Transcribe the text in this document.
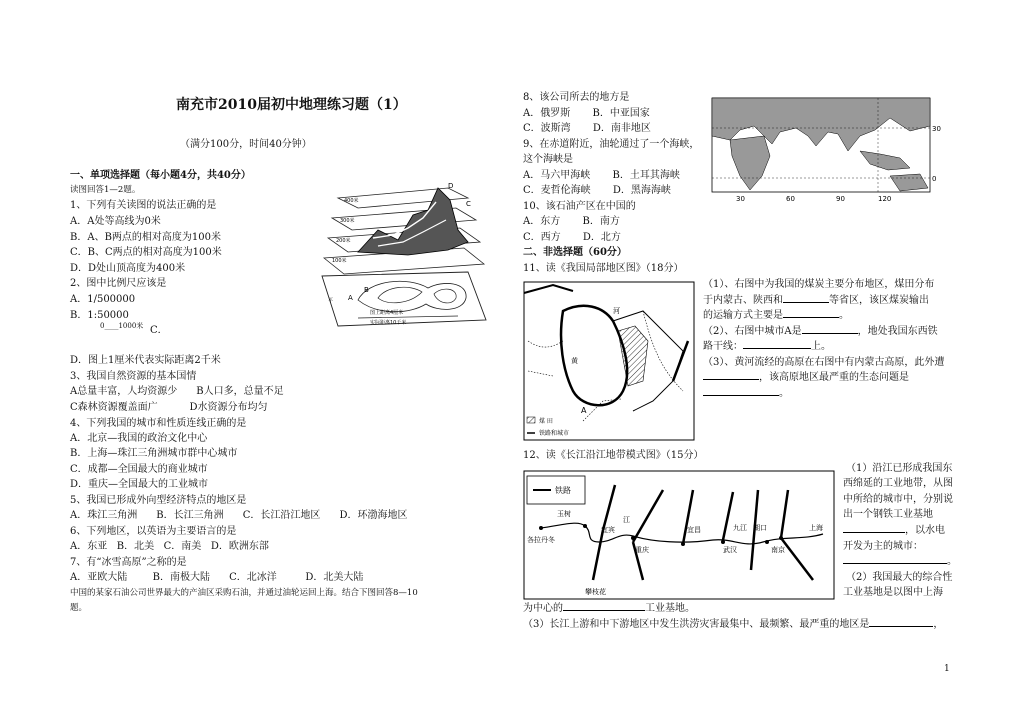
南充市2010届初中地理练习题（1）
（满分100分，时间40分钟）
一、单项选择题（每小题4分，共40分）
读图回答1—2题。
1、下列有关读图的说法正确的是
A．A处等高线为0米
B．A、B两点的相对高度为100米
C．B、C两点的相对高度为100米
D．D处山顶高度为400米
2、图中比例尺应该是
A．1/500000
B．1:50000
0____1000米 C．
D．图上1厘米代表实际距离2千米
3、我国自然资源的基本国情
A总量丰富，人均资源少      B人口多，总量不足
C森林资源覆盖面广          D水资源分布均匀
4、下列我国的城市和性质连线正确的是
A．北京—我国的政治文化中心
B．上海—珠江三角洲城市群中心城市
C．成都—全国最大的商业城市
D．重庆—全国最大的工业城市
5、我国已形成外向型经济特点的地区是
A．珠江三角洲      B．长江三角洲      C．长江沿江地区      D．环渤海地区
6、下列地区，以英语为主要语言的是
A．东亚   B．北美   C．南美   D．欧洲东部
7、有“冰雪高原”之称的是
A．亚欧大陆        B．南极大陆      C．北冰洋         D．北美大陆
中国的某家石油公司世界最大的产油区采购石油，并通过油轮运回上海。结合下图回答8—10
题。
400米
300米
200米
100米
A
B
C
D
图上距离4厘米
实际距离10千米
平
8、该公司所去的地方是
A．俄罗斯       B．中亚国家
C．波斯湾       D．南非地区
9、在赤道附近，油轮通过了一个海峡，
这个海峡是
A．马六甲海峡       B．土耳其海峡
C．麦哲伦海峡       D．黑海海峡
10、该石油产区在中国的
A．东方       B．南方
C．西方       D．北方
二、非选择题（60分）
11、读《我国局部地区图》（18分）
30
0
30	60	90	120
河
黄
A
煤 田
铁路和城市
（1）、右图中为我国的煤炭主要分布地区，煤田分布
于内蒙古、陕西和	等省区，该区煤炭输出
的运输方式主要是	。
（2）、右图中城市A是	，地处我国东西铁
路干线：	上。
（3）、黄河流经的高原在右图中有内蒙古高原，此外遭
，该高原地区最严重的生态问题是
。
12、读《长江沿江地带模式图》（15分）
铁路
玉树
各拉丹冬
宜宾
重庆
宜昌	九江 湖口	上海
南京
攀枝花
武汉
江
（1）沿江已形成我国东
西绵延的工业地带，从图
中所给的城市中，分别说
出一个钢铁工业基地
，以水电
开发为主的城市：
。
（2）我国最大的综合性
工业基地是以图中上海
为中心的	工业基地。
（3）长江上游和中下游地区中发生洪涝灾害最集中、最频繁、最严重的地区是	，
1
